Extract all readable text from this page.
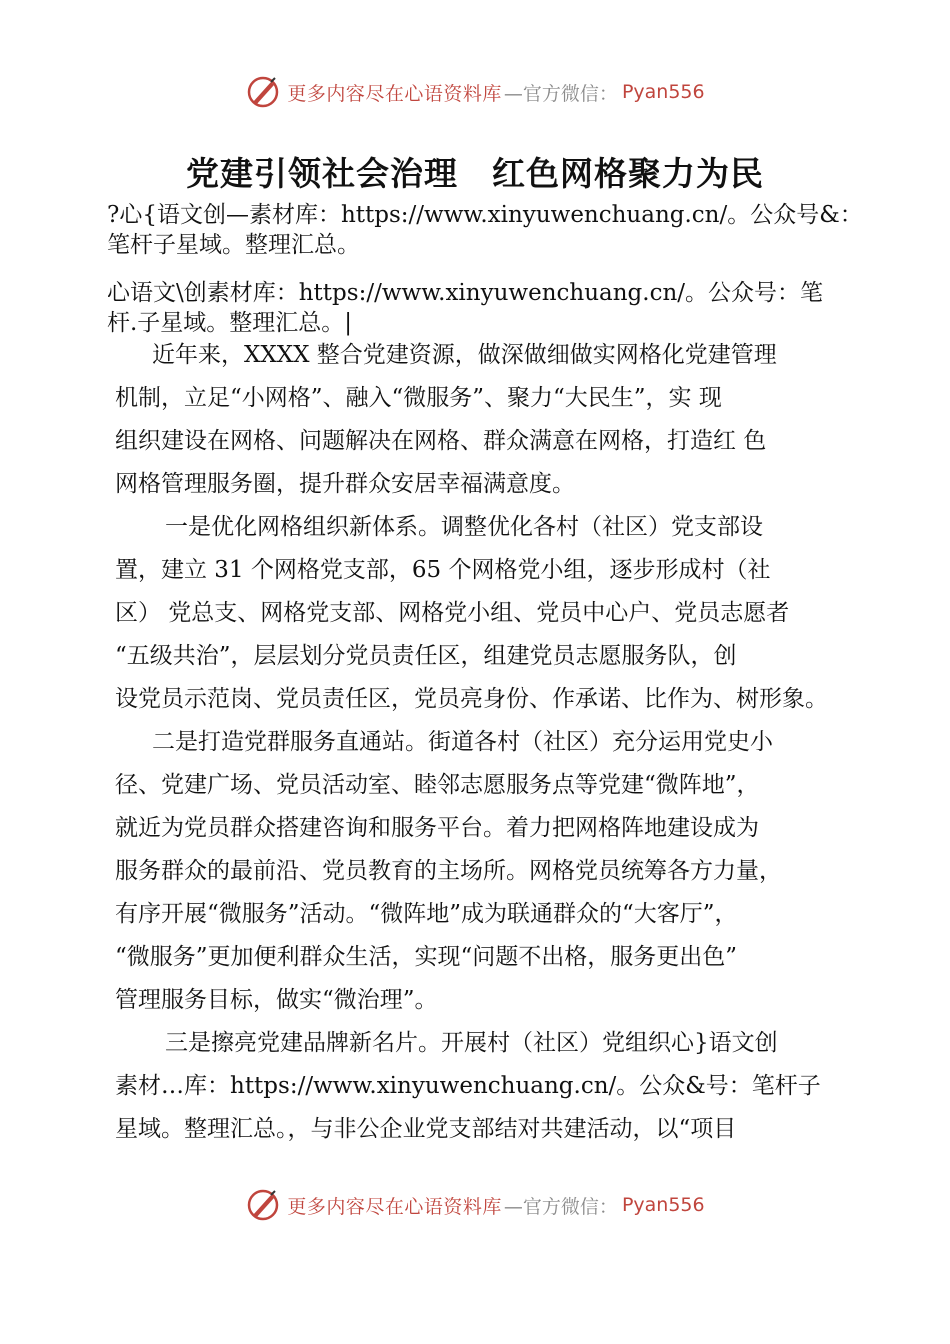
更多内容尽在心语资料库 —官方微信： Pyan556
党建引领社会治理　红色网格聚力为民
?心{语文创—素材库：https://www.xinyuwenchuang.cn/。公众号&：
笔杆子星域。整理汇总。
心语文\创素材库：https://www.xinyuwenchuang.cn/。公众号：笔
杆.子星域。整理汇总。|
近年来，XXXX 整合党建资源，做深做细做实网格化党建管理
机制，立足“小网格”、融入“微服务”、聚力“大民生”，实 现
组织建设在网格、问题解决在网格、群众满意在网格，打造红 色
网格管理服务圈，提升群众安居幸福满意度。
一是优化网格组织新体系。调整优化各村（社区）党支部设
置，建立 31 个网格党支部，65 个网格党小组，逐步形成村（社
区） 党总支、网格党支部、网格党小组、党员中心户、党员志愿者
“五级共治”，层层划分党员责任区，组建党员志愿服务队，创
设党员示范岗、党员责任区，党员亮身份、作承诺、比作为、树形象。
二是打造党群服务直通站。街道各村（社区）充分运用党史小
径、党建广场、党员活动室、睦邻志愿服务点等党建“微阵地”，
就近为党员群众搭建咨询和服务平台。着力把网格阵地建设成为
服务群众的最前沿、党员教育的主场所。网格党员统筹各方力量，
有序开展“微服务”活动。“微阵地”成为联通群众的“大客厅”，
“微服务”更加便利群众生活，实现“问题不出格，服务更出色”
管理服务目标，做实“微治理”。
三是擦亮党建品牌新名片。开展村（社区）党组织心}语文创
素材…库：https://www.xinyuwenchuang.cn/。公众&号：笔杆子
星域。整理汇总。，与非公企业党支部结对共建活动，以“项目
更多内容尽在心语资料库 —官方微信： Pyan556
